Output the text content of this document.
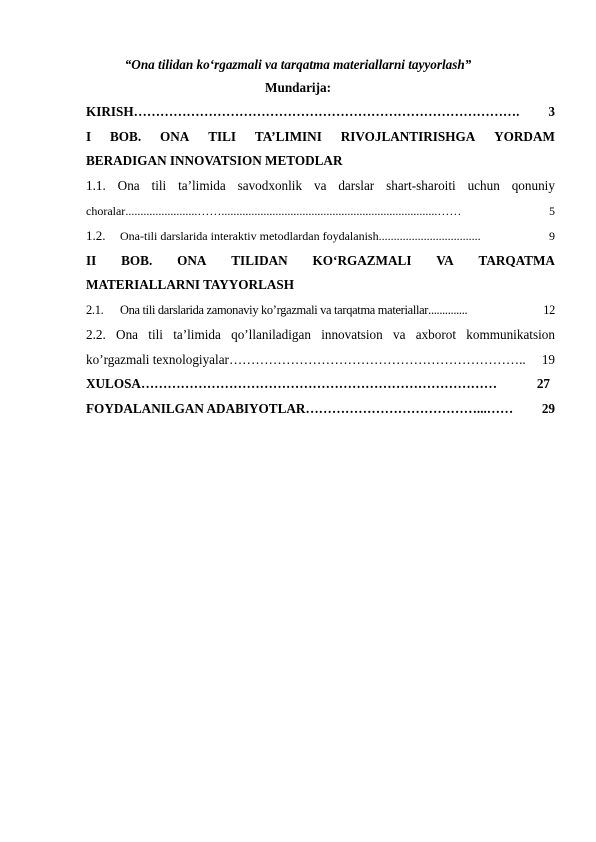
“Ona tilidan ko‘rgazmali va tarqatma materiallarni tayyorlash”
Mundarija:
KIRISH …………………………………………………………………………….	3
I BOB. ONA TILI TA’LIMINI RIVOJLANTIRISHGA YORDAM
BERADIGAN INNOVATSION METODLAR
1.1. Ona tili ta’limida savodxonlik va darslar shart-sharoiti uchun qonuniy
choralar ........................……........................................................................……	5
1.2.	Ona-tili darslarida interaktiv metodlardan foydalanish ..................................	9
II BOB. ONA TILIDAN KO‘RGAZMALI VA TARQATMA
MATERIALLARNI TAYYORLASH
2.1.	Ona tili darslarida zamonaviy ko’rgazmali va tarqatma materiallar ..............	12
2.2. Ona tili ta’limida qo’llaniladigan innovatsion va axborot kommunikatsion
ko’rgazmali texnologiyalar …………………………………………………………..	19
XULOSA ………………………………………………………………………	27
FOYDALANILGAN ADABIYOTLAR …………………………………...……	29
